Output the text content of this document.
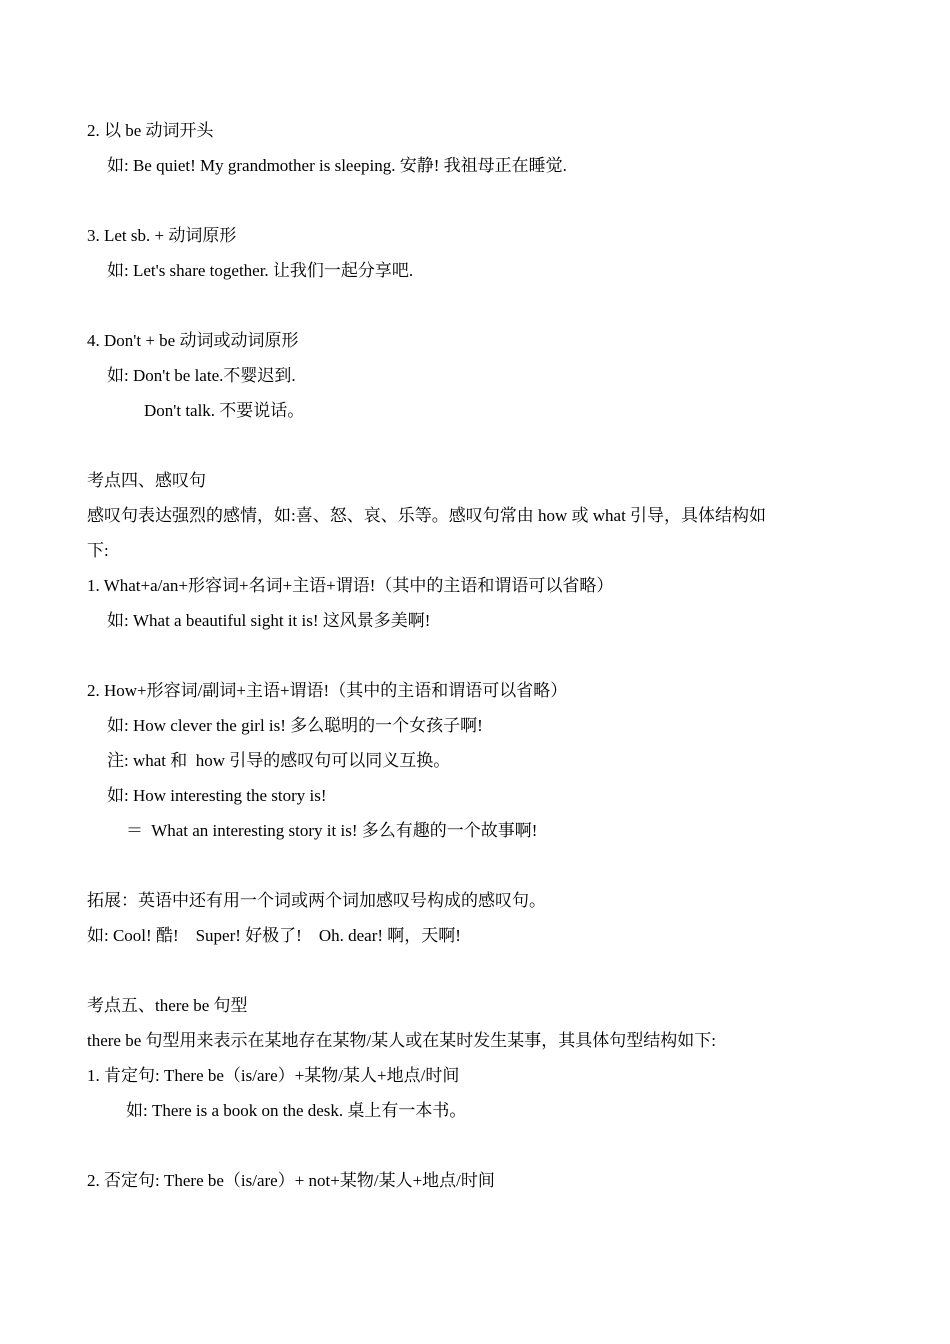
2. 以 be 动词开头
如: Be quiet! My grandmother is sleeping. 安静! 我祖母正在睡觉.
3. Let sb. + 动词原形
如: Let's share together. 让我们一起分享吧.
4. Don't + be 动词或动词原形
如: Don't be late.不婴迟到.
Don't talk. 不要说话。
考点四、感叹句
感叹句表达强烈的感情，如:喜、怒、哀、乐等。感叹句常由 how 或 what 引导，具体结构如
下:
1. What+a/an+形容词+名词+主语+谓语!（其中的主语和谓语可以省略）
如: What a beautiful sight it is! 这风景多美啊!
2. How+形容词/副词+主语+谓语!（其中的主语和谓语可以省略）
如: How clever the girl is! 多么聪明的一个女孩子啊!
注: what 和  how 引导的感叹句可以同义互换。
如: How interesting the story is!
＝  What an interesting story it is! 多么有趣的一个故事啊!
拓展：英语中还有用一个词或两个词加感叹号构成的感叹句。
如: Cool! 酷!    Super! 好极了!    Oh. dear! 啊，天啊!
考点五、there be 句型
there be 句型用来表示在某地存在某物/某人或在某时发生某事，其具体句型结构如下:
1. 肯定句: There be（is/are）+某物/某人+地点/时间
如: There is a book on the desk. 桌上有一本书。
2. 否定句: There be（is/are）+ not+某物/某人+地点/时间
